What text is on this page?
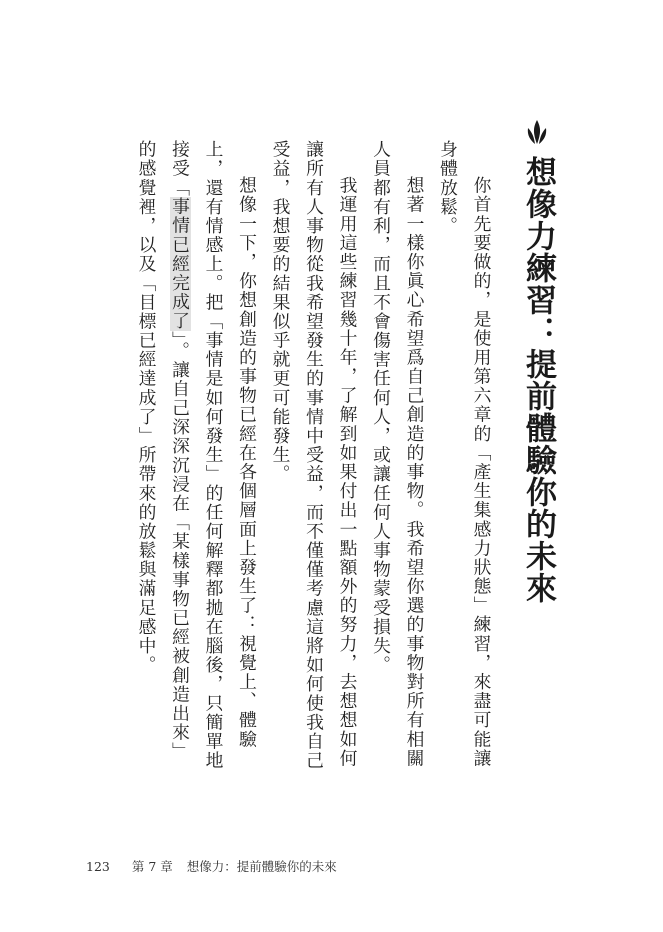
想像力練習：提前體驗你的未來

你首先要做的，是使用第六章的「產生集感力狀態」練習，來盡可能讓身體放鬆。

想著一樣你眞心希望爲自己創造的事物。我希望你選的事物對所有相關人員都有利，而且不會傷害任何人，或讓任何人事物蒙受損失。

我運用這些練習幾十年，了解到如果付出一點額外的努力，去想想如何讓所有人事物從我希望發生的事情中受益，而不僅僅考慮這將如何使我自己受益，我想要的結果似乎就更可能發生。

想像一下，你想創造的事物已經在各個層面上發生了：視覺上、體驗上，還有情感上。把「事情是如何發生」的任何解釋都拋在腦後，只簡單地接受「事情已經完成了」。讓自己深深沉浸在「某樣事物已經被創造出來」的感覺裡，以及「目標已經達成了」所帶來的放鬆與滿足感中。

123 第 7 章 想像力：提前體驗你的未來
